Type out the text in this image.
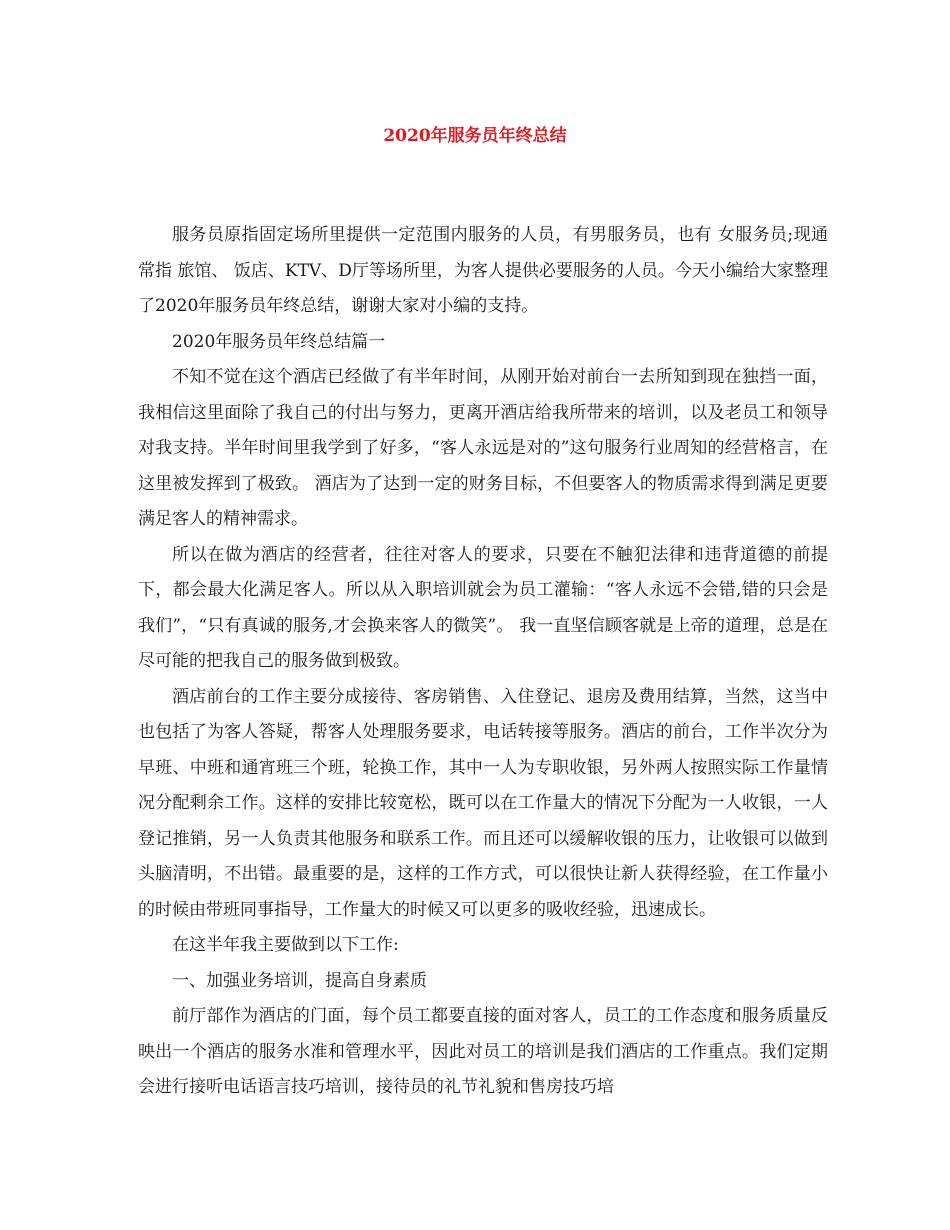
2020年服务员年终总结

服务员原指固定场所里提供一定范围内服务的人员，有男服务员，也有 女服务员;现通常指 旅馆、 饭店、KTV、D厅等场所里，为客人提供必要服务的人员。今天小编给大家整理了2020年服务员年终总结，谢谢大家对小编的支持。

2020年服务员年终总结篇一

不知不觉在这个酒店已经做了有半年时间，从刚开始对前台一去所知到现在独挡一面，我相信这里面除了我自己的付出与努力，更离开酒店给我所带来的培训，以及老员工和领导对我支持。半年时间里我学到了好多，“客人永远是对的”这句服务行业周知的经营格言，在这里被发挥到了极致。 酒店为了达到一定的财务目标，不但要客人的物质需求得到满足更要满足客人的精神需求。

所以在做为酒店的经营者，往往对客人的要求，只要在不触犯法律和违背道德的前提下，都会最大化满足客人。所以从入职培训就会为员工灌输：“客人永远不会错,错的只会是我们”，“只有真诚的服务,才会换来客人的微笑”。 我一直坚信顾客就是上帝的道理，总是在尽可能的把我自己的服务做到极致。

酒店前台的工作主要分成接待、客房销售、入住登记、退房及费用结算，当然，这当中也包括了为客人答疑，帮客人处理服务要求，电话转接等服务。酒店的前台，工作半次分为早班、中班和通宵班三个班，轮换工作，其中一人为专职收银，另外两人按照实际工作量情况分配剩余工作。这样的安排比较宽松，既可以在工作量大的情况下分配为一人收银，一人登记推销，另一人负责其他服务和联系工作。而且还可以缓解收银的压力，让收银可以做到头脑清明，不出错。最重要的是，这样的工作方式，可以很快让新人获得经验，在工作量小的时候由带班同事指导，工作量大的时候又可以更多的吸收经验，迅速成长。

在这半年我主要做到以下工作:

一、加强业务培训，提高自身素质

前厅部作为酒店的门面，每个员工都要直接的面对客人，员工的工作态度和服务质量反映出一个酒店的服务水准和管理水平，因此对员工的培训是我们酒店的工作重点。我们定期会进行接听电话语言技巧培训，接待员的礼节礼貌和售房技巧培
